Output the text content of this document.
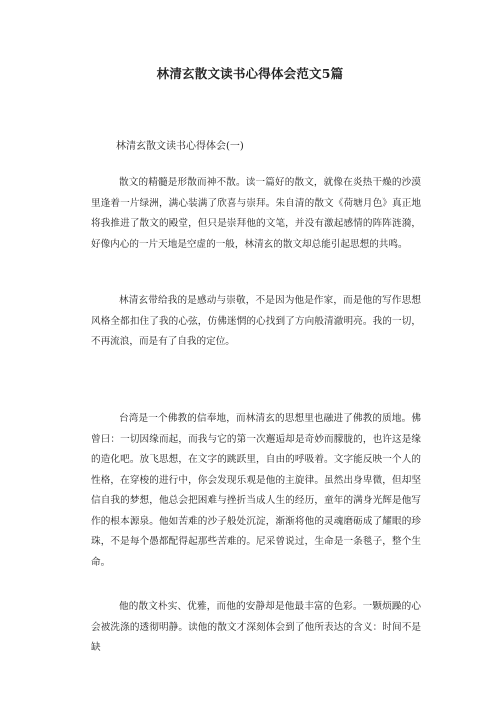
林清玄散文读书心得体会范文5篇
林清玄散文读书心得体会(一)

散文的精髓是形散而神不散。读一篇好的散文，就像在炎热干燥的沙漠里逢着一片绿洲，满心装满了欣喜与崇拜。朱自清的散文《荷塘月色》真正地将我推进了散文的殿堂，但只是崇拜他的文笔，并没有激起感情的阵阵涟漪，好像内心的一片天地是空虚的一般，林清玄的散文却总能引起思想的共鸣。

林清玄带给我的是感动与崇敬，不是因为他是作家，而是他的写作思想风格全都扣住了我的心弦，仿佛迷惘的心找到了方向般清澈明亮。我的一切，不再流浪，而是有了自我的定位。

台湾是一个佛教的信奉地，而林清玄的思想里也融进了佛教的质地。佛曾曰：一切因缘而起，而我与它的第一次邂逅却是奇妙而朦胧的，也许这是缘的造化吧。放飞思想，在文字的跳跃里，自由的呼吸着。文字能反映一个人的性格，在穿梭的进行中，你会发现乐观是他的主旋律。虽然出身卑微，但却坚信自我的梦想，他总会把困难与挫折当成人生的经历，童年的满身光辉是他写作的根本源泉。他如苦难的沙子般处沉淀，渐渐将他的灵魂磨砺成了耀眼的珍珠，不是每个愚都配得起那些苦难的。尼采曾说过，生命是一条毯子，整个生命。

他的散文朴实、优雅，而他的安静却是他最丰富的色彩。一颗烦躁的心会被洗涤的透彻明静。读他的散文才深刻体会到了他所表达的含义：时间不是缺
